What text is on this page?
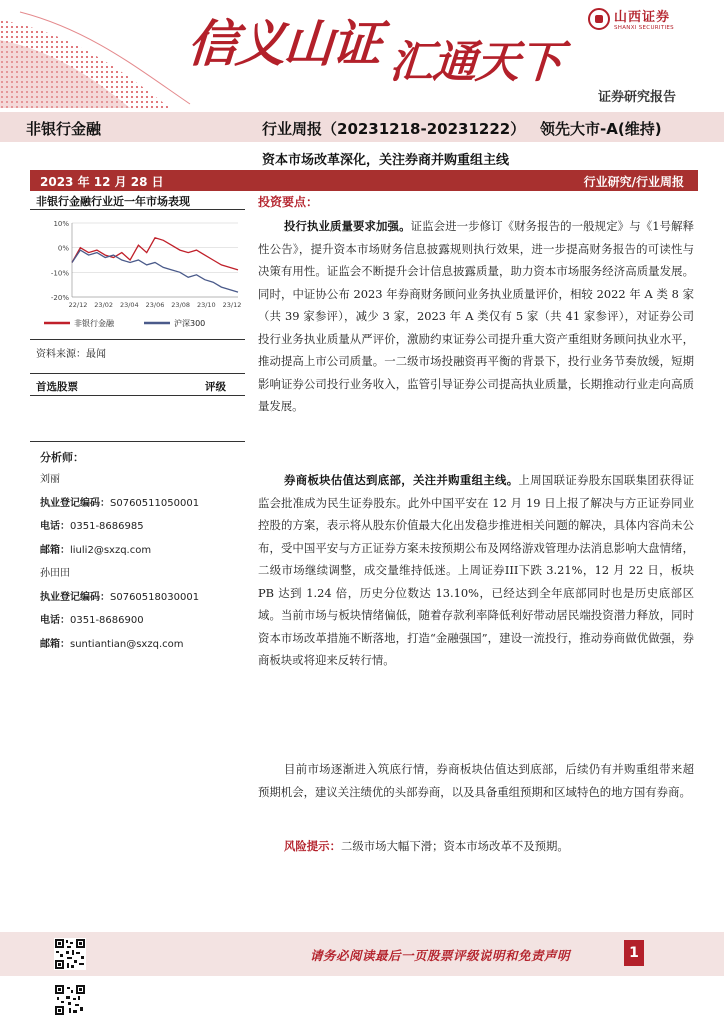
信义山证 汇通天下
山西证券
SHANXI SECURITIES
证券研究报告
非银行金融	行业周报（20231218-20231222） 领先大市-A(维持)
资本市场改革深化，关注券商并购重组主线
2023 年 12 月 28 日	行业研究/行业周报
非银行金融行业近一年市场表现
10%
0%
-10%
-20%
22/12 23/02 23/04 23/06 23/08 23/10 23/12
非银行金融	沪深300
资料来源：最闻
首选股票	评级
分析师：
刘丽
执业登记编码：S0760511050001
电话：0351-8686985
邮箱：liuli2@sxzq.com
孙田田
执业登记编码：S0760518030001
电话：0351-8686900
邮箱：suntiantian@sxzq.com
投资要点：

投行执业质量要求加强。证监会进一步修订《财务报告的一般规定》与《1号解释性公告》，提升资本市场财务信息披露规则执行效果，进一步提高财务报告的可读性与决策有用性。证监会不断提升会计信息披露质量，助力资本市场服务经济高质量发展。同时，中证协公布 2023 年券商财务顾问业务执业质量评价，相较 2022 年 A 类 8 家（共 39 家参评），减少 3 家，2023 年 A 类仅有 5 家（共 41 家参评），对证券公司投行业务执业质量从严评价，激励约束证券公司提升重大资产重组财务顾问执业水平，推动提高上市公司质量。一二级市场投融资再平衡的背景下，投行业务节奏放缓，短期影响证券公司投行业务收入，监管引导证券公司提高执业质量，长期推动行业走向高质量发展。

券商板块估值达到底部，关注并购重组主线。上周国联证券股东国联集团获得证监会批准成为民生证券股东。此外中国平安在 12 月 19 日上报了解决与方正证券同业控股的方案，表示将从股东价值最大化出发稳步推进相关问题的解决，具体内容尚未公布，受中国平安与方正证券方案未按预期公布及网络游戏管理办法消息影响大盘情绪，二级市场继续调整，成交量维持低迷。上周证券III下跌 3.21%，12 月 22 日，板块 PB 达到 1.24 倍，历史分位数达 13.10%，已经达到全年底部同时也是历史底部区域。当前市场与板块情绪偏低，随着存款利率降低利好带动居民端投资潜力释放，同时资本市场改革措施不断落地，打造“金融强国”，建设一流投行，推动券商做优做强，券商板块或将迎来反转行情。

目前市场逐渐进入筑底行情，券商板块估值达到底部，后续仍有并购重组带来超预期机会，建议关注绩优的头部券商，以及具备重组预期和区域特色的地方国有券商。

风险提示：二级市场大幅下滑；资本市场改革不及预期。

请务必阅读最后一页股票评级说明和免责声明	1
